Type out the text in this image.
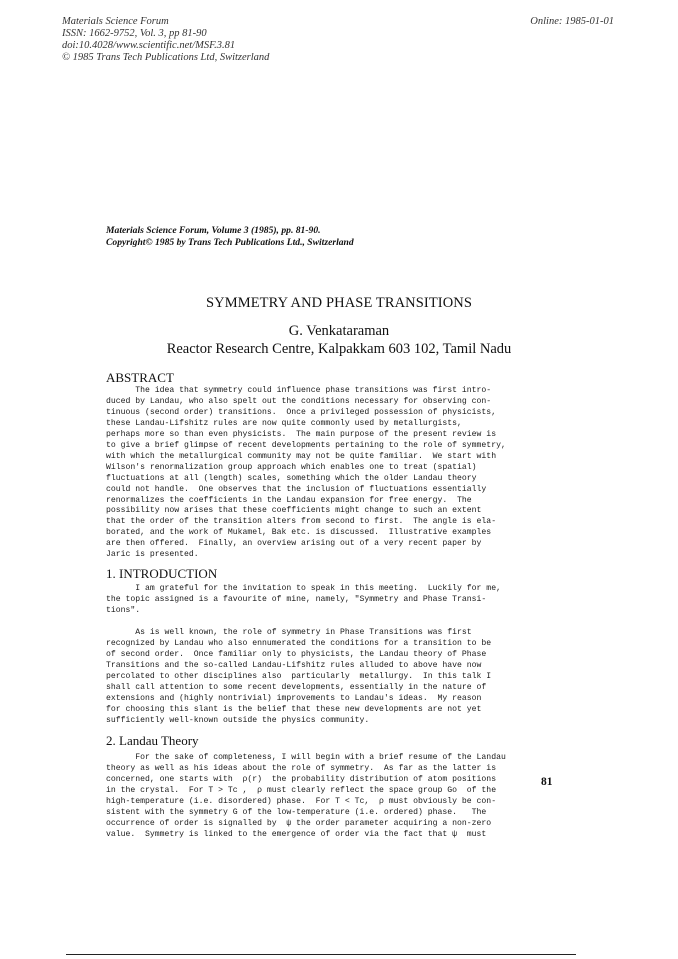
Materials Science Forum
ISSN: 1662-9752, Vol. 3, pp 81-90
doi:10.4028/www.scientific.net/MSF.3.81
© 1985 Trans Tech Publications Ltd, Switzerland
Online: 1985-01-01
Materials Science Forum, Volume 3 (1985), pp. 81-90.
Copyright© 1985 by Trans Tech Publications Ltd., Switzerland
SYMMETRY AND PHASE TRANSITIONS
G. Venkataraman
Reactor Research Centre, Kalpakkam 603 102, Tamil Nadu
ABSTRACT
The idea that symmetry could influence phase transitions was first intro-
duced by Landau, who also spelt out the conditions necessary for observing con-
tinuous (second order) transitions.  Once a privileged possession of physicists,
these Landau-Lifshitz rules are now quite commonly used by metallurgists,
perhaps more so than even physicists.  The main purpose of the present review is
to give a brief glimpse of recent developments pertaining to the role of symmetry,
with which the metallurgical community may not be quite familiar.  We start with
Wilson's renormalization group approach which enables one to treat (spatial)
fluctuations at all (length) scales, something which the older Landau theory
could not handle.  One observes that the inclusion of fluctuations essentially
renormalizes the coefficients in the Landau expansion for free energy.  The
possibility now arises that these coefficients might change to such an extent
that the order of the transition alters from second to first.  The angle is ela-
borated, and the work of Mukamel, Bak etc. is discussed.  Illustrative examples
are then offered.  Finally, an overview arising out of a very recent paper by
Jaric is presented.
1. INTRODUCTION
I am grateful for the invitation to speak in this meeting.  Luckily for me,
the topic assigned is a favourite of mine, namely, "Symmetry and Phase Transi-
tions".
As is well known, the role of symmetry in Phase Transitions was first
recognized by Landau who also ennumerated the conditions for a transition to be
of second order.  Once familiar only to physicists, the Landau theory of Phase
Transitions and the so-called Landau-Lifshitz rules alluded to above have now
percolated to other disciplines also  particularly  metallurgy.  In this talk I
shall call attention to some recent developments, essentially in the nature of
extensions and (highly nontrivial) improvements to Landau's ideas.  My reason
for choosing this slant is the belief that these new developments are not yet
sufficiently well-known outside the physics community.
2. Landau Theory
For the sake of completeness, I will begin with a brief resume of the Landau
theory as well as his ideas about the role of symmetry.  As far as the latter is
concerned, one starts with  ρ(r)  the probability distribution of atom positions
in the crystal.  For T > Tc ,  ρ must clearly reflect the space group Go  of the
high-temperature (i.e. disordered) phase.  For T < Tc,  ρ must obviously be con-
sistent with the symmetry G of the low-temperature (i.e. ordered) phase.   The
occurrence of order is signalled by  ψ the order parameter acquiring a non-zero
value.  Symmetry is linked to the emergence of order via the fact that ψ  must
81
